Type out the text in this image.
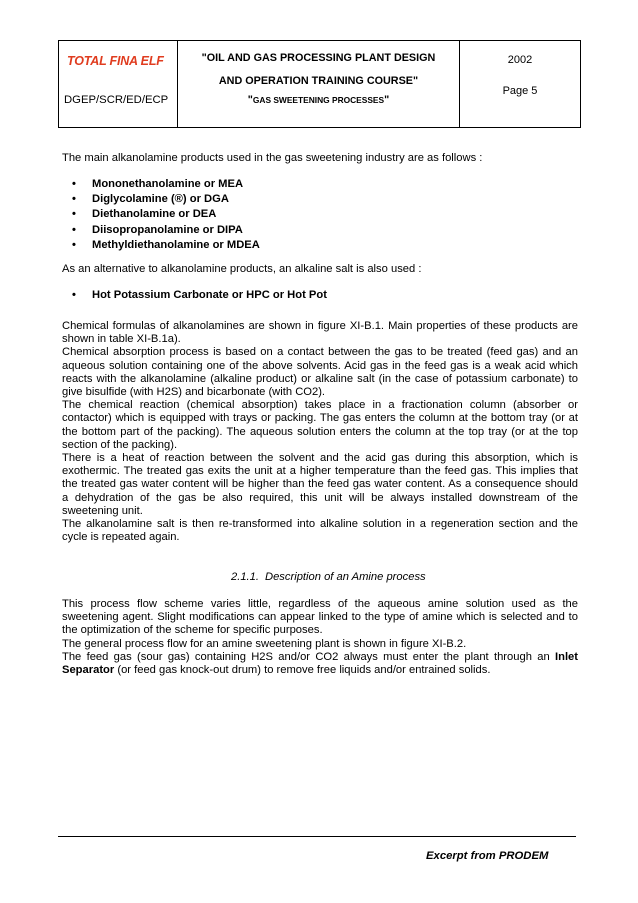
TOTAL FINA ELF
DGEP/SCR/ED/ECP
"OIL AND GAS PROCESSING PLANT DESIGN
AND OPERATION TRAINING COURSE"
"GAS SWEETENING PROCESSES"
2002
Page 5
The main alkanolamine products used in the gas sweetening industry are as follows :
• Mononethanolamine or MEA
• Diglycolamine (®) or DGA
• Diethanolamine or DEA
• Diisopropanolamine or DIPA
• Methyldiethanolamine or MDEA
As an alternative to alkanolamine products, an alkaline salt is also used :
• Hot Potassium Carbonate or HPC or Hot Pot

Chemical formulas of alkanolamines are shown in figure XI-B.1. Main properties of these products are shown in table XI-B.1a).

Chemical absorption process is based on a contact between the gas to be treated (feed gas) and an aqueous solution containing one of the above solvents. Acid gas in the feed gas is a weak acid which reacts with the alkanolamine (alkaline product) or alkaline salt (in the case of potassium carbonate) to give bisulfide (with H2S) and bicarbonate (with CO2).

The chemical reaction (chemical absorption) takes place in a fractionation column (absorber or contactor) which is equipped with trays or packing. The gas enters the column at the bottom tray (or at the bottom part of the packing). The aqueous solution enters the column at the top tray (or at the top section of the packing).

There is a heat of reaction between the solvent and the acid gas during this absorption, which is exothermic. The treated gas exits the unit at a higher temperature than the feed gas. This implies that the treated gas water content will be higher than the feed gas water content. As a consequence should a dehydration of the gas be also required, this unit will be always installed downstream of the sweetening unit.

The alkanolamine salt is then re-transformed into alkaline solution in a regeneration section and the cycle is repeated again.

2.1.1. Description of an Amine process

This process flow scheme varies little, regardless of the aqueous amine solution used as the sweetening agent. Slight modifications can appear linked to the type of amine which is selected and to the optimization of the scheme for specific purposes.

The general process flow for an amine sweetening plant is shown in figure XI-B.2.

The feed gas (sour gas) containing H2S and/or CO2 always must enter the plant through an Inlet Separator (or feed gas knock-out drum) to remove free liquids and/or entrained solids.

Excerpt from PRODEM
